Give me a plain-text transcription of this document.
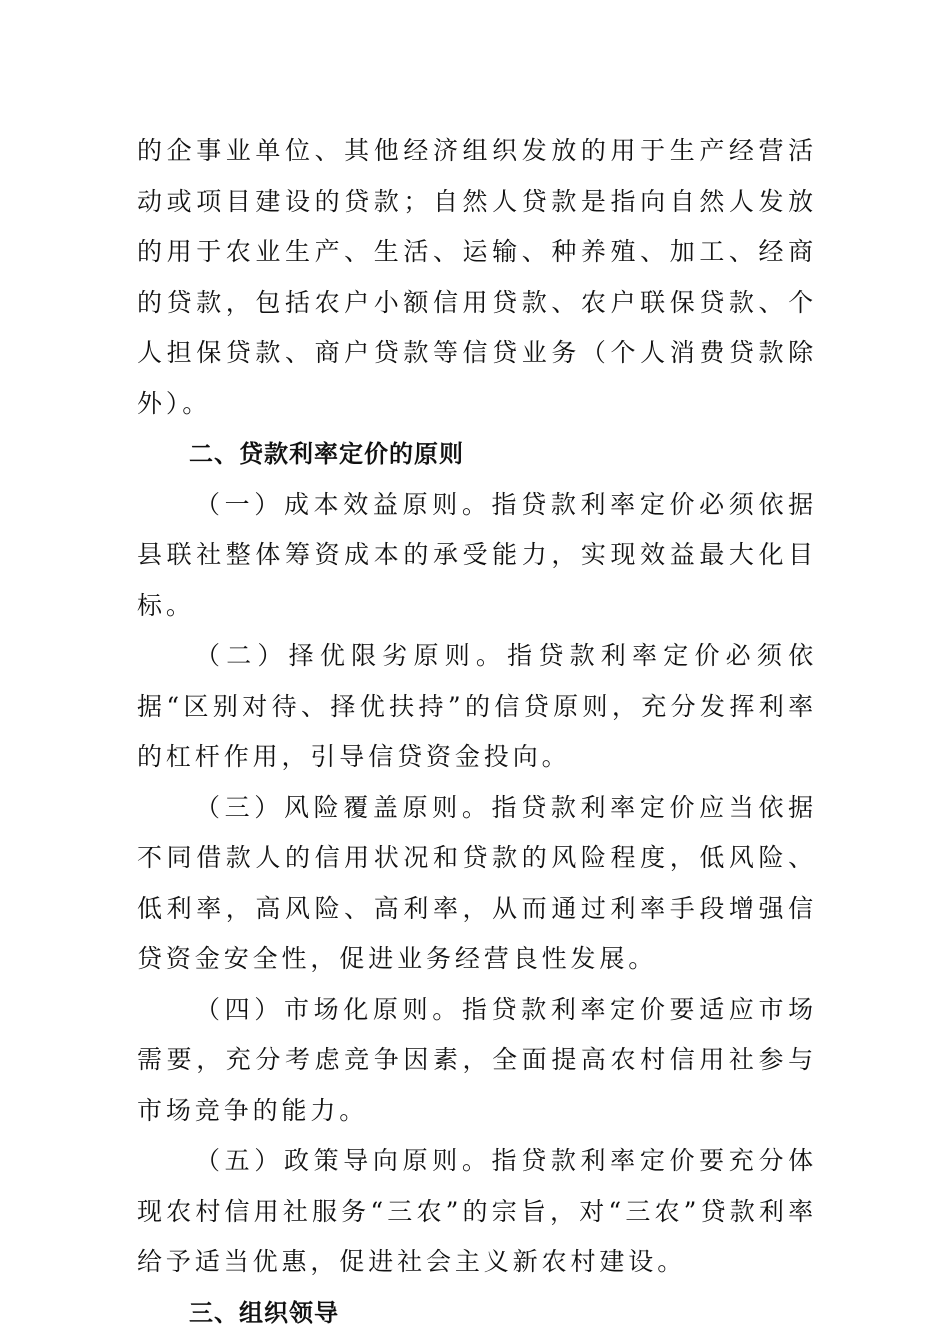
的企事业单位、其他经济组织发放的用于生产经营活动或项目建设的贷款；自然人贷款是指向自然人发放的用于农业生产、生活、运输、种养殖、加工、经商的贷款，包括农户小额信用贷款、农户联保贷款、个人担保贷款、商户贷款等信贷业务（个人消费贷款除外）。

二、贷款利率定价的原则

（一）成本效益原则。指贷款利率定价必须依据县联社整体筹资成本的承受能力，实现效益最大化目标。

（二）择优限劣原则。指贷款利率定价必须依据“区别对待、择优扶持”的信贷原则，充分发挥利率的杠杆作用，引导信贷资金投向。

（三）风险覆盖原则。指贷款利率定价应当依据不同借款人的信用状况和贷款的风险程度，低风险、低利率，高风险、高利率，从而通过利率手段增强信贷资金安全性，促进业务经营良性发展。

（四）市场化原则。指贷款利率定价要适应市场需要，充分考虑竞争因素，全面提高农村信用社参与市场竞争的能力。

（五）政策导向原则。指贷款利率定价要充分体现农村信用社服务“三农”的宗旨，对“三农”贷款利率给予适当优惠，促进社会主义新农村建设。

三、组织领导
